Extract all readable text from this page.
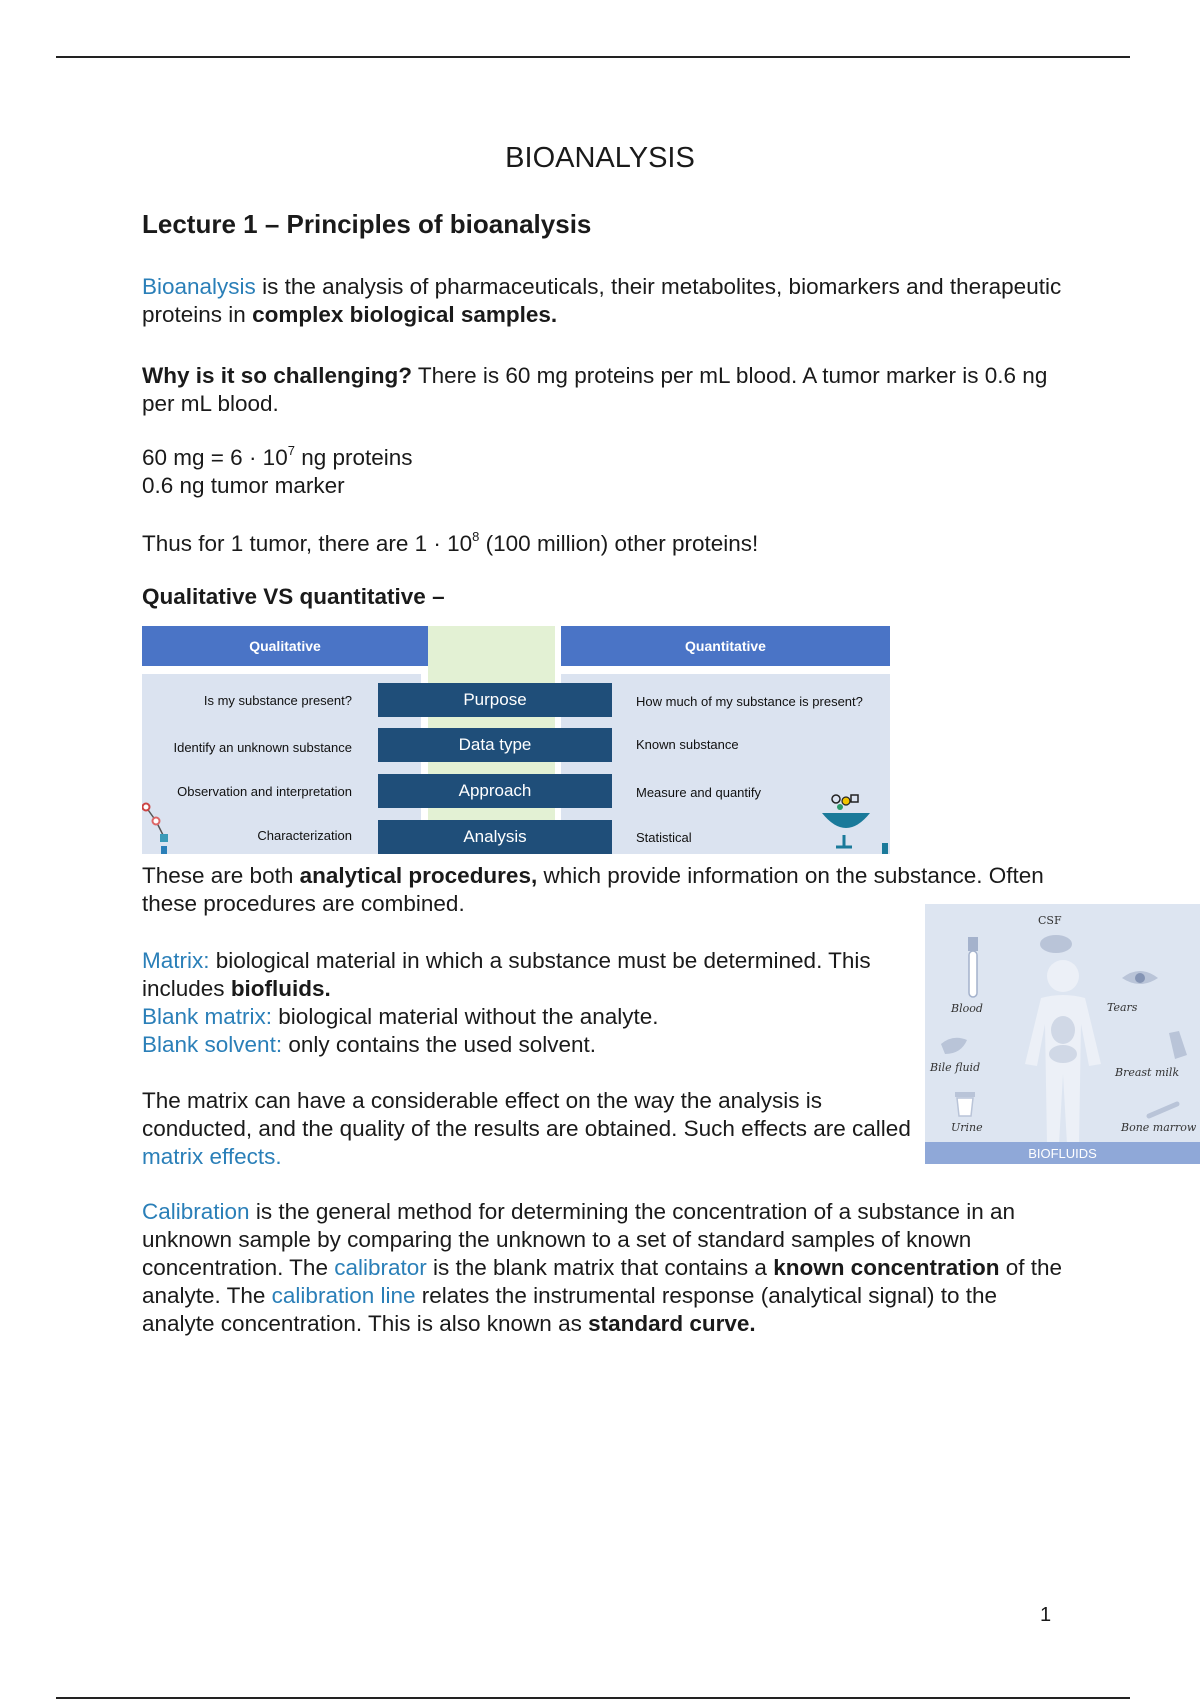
BIOANALYSIS
Lecture 1 – Principles of bioanalysis

Bioanalysis is the analysis of pharmaceuticals, their metabolites, biomarkers and therapeutic proteins in complex biological samples.

Why is it so challenging? There is 60 mg proteins per mL blood. A tumor marker is 0.6 ng per mL blood.

60 mg = $6 \cdot 10^7$ ng proteins
0.6 ng tumor marker

Thus for 1 tumor, there are $1 \cdot 10^8$ (100 million) other proteins!

Qualitative VS quantitative –
Qualitative	Quantitative
Is my substance present?	Purpose	How much of my substance is present?
Identify an unknown substance	Data type	Known substance
Observation and interpretation	Approach	Measure and quantify
Characterization	Analysis	Statistical

These are both analytical procedures, which provide information on the substance. Often these procedures are combined.

Matrix: biological material in which a substance must be determined. This includes biofluids.
Blank matrix: biological material without the analyte.
Blank solvent: only contains the used solvent.

The matrix can have a considerable effect on the way the analysis is conducted, and the quality of the results are obtained. Such effects are called matrix effects.

CSF
Blood	Tears
Bile fluid	Breast milk
Urine	Bone marrow
BIOFLUIDS

Calibration is the general method for determining the concentration of a substance in an unknown sample by comparing the unknown to a set of standard samples of known concentration. The calibrator is the blank matrix that contains a known concentration of the analyte. The calibration line relates the instrumental response (analytical signal) to the analyte concentration. This is also known as standard curve.

1
